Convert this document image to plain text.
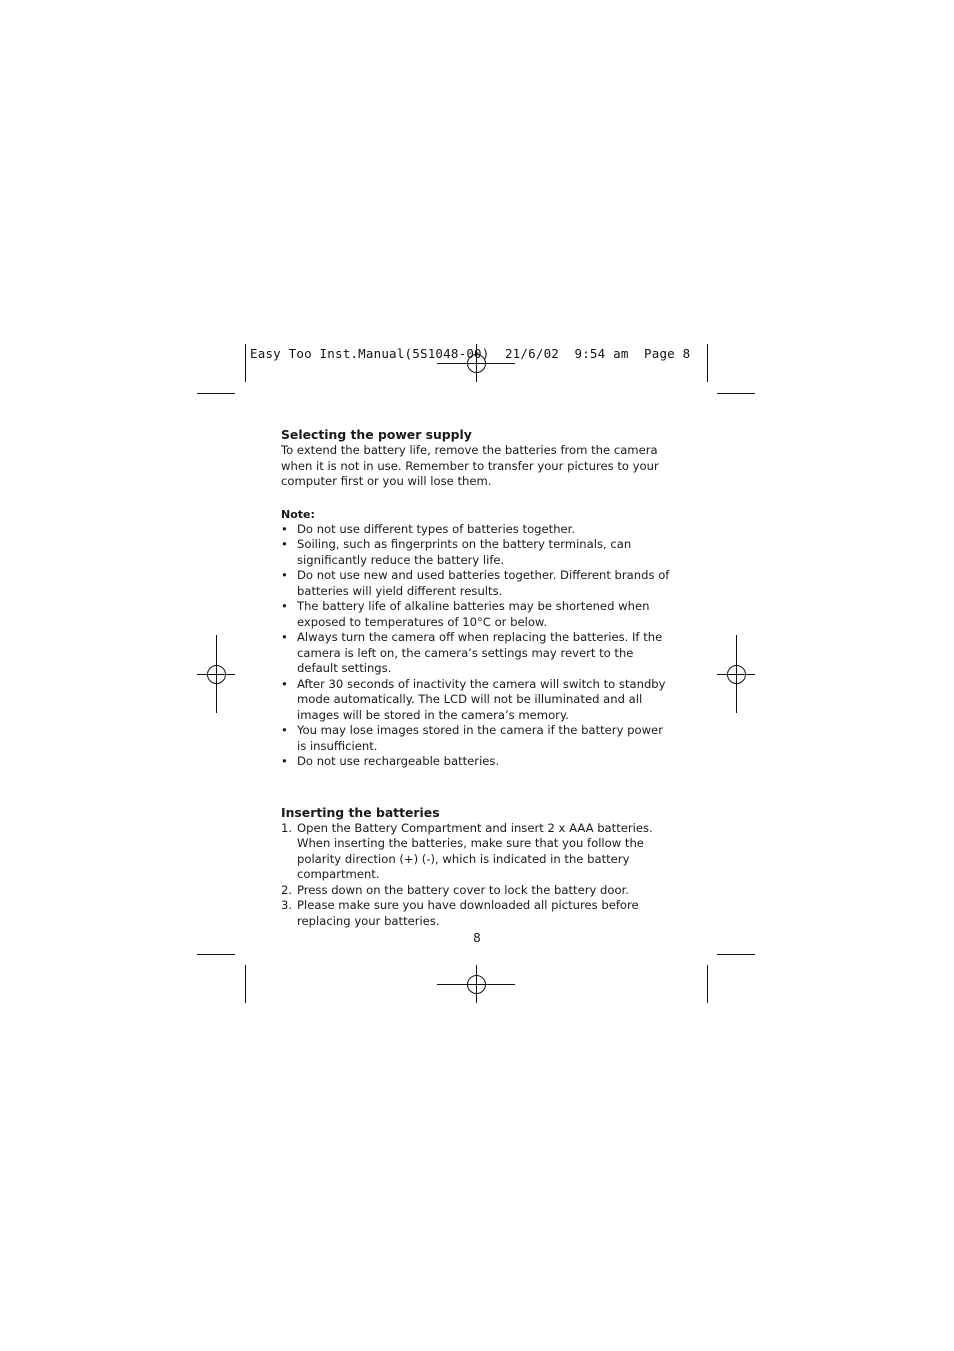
Easy Too Inst.Manual(5S1048-00)  21/6/02  9:54 am  Page 8
Selecting the power supply

To extend the battery life, remove the batteries from the camera when it is not in use. Remember to transfer your pictures to your computer first or you will lose them.

Note:
• Do not use different types of batteries together.
• Soiling, such as fingerprints on the battery terminals, can significantly reduce the battery life.
• Do not use new and used batteries together. Different brands of batteries will yield different results.
• The battery life of alkaline batteries may be shortened when exposed to temperatures of 10°C or below.
• Always turn the camera off when replacing the batteries. If the camera is left on, the camera’s settings may revert to the default settings.
• After 30 seconds of inactivity the camera will switch to standby mode automatically. The LCD will not be illuminated and all images will be stored in the camera’s memory.
• You may lose images stored in the camera if the battery power is insufficient.
• Do not use rechargeable batteries.
Inserting the batteries
1. Open the Battery Compartment and insert 2 x AAA batteries. When inserting the batteries, make sure that you follow the polarity direction (+) (-), which is indicated in the battery compartment.
2. Press down on the battery cover to lock the battery door.
3. Please make sure you have downloaded all pictures before replacing your batteries.
8
